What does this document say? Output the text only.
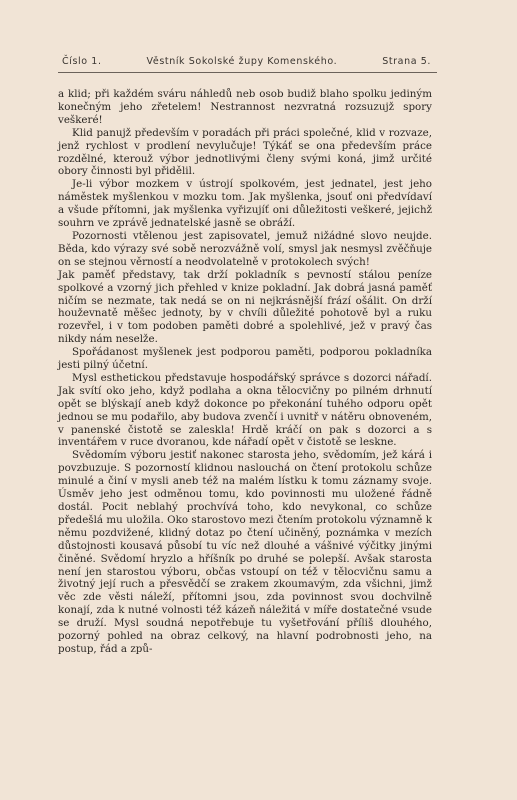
Číslo 1.	Věstník Sokolské župy Komenského.	Strana 5.

a klid; při každém sváru náhledů neb osob budiž blaho spolku jediným konečným jeho zřetelem! Nestrannost nezvratná rozsuzujž spory veškeré!

Klid panujž především v poradách při práci společné, klid v rozvaze, jenž rychlost v prodlení nevylučuje! Týkáť se ona především práce rozdělné, kterouž výbor jednotlivými členy svými koná, jimž určité obory činnosti byl přidělil.

Je-li výbor mozkem v ústrojí spolkovém, jest jednatel, jest jeho náměstek myšlenkou v mozku tom. Jak myšlenka, jsouť oni předvídaví a všude přítomni, jak myšlenka vyřizujíť oni důležitosti veškeré, jejichž souhrn ve zprávě jednatelské jasně se obráží.

Pozornosti vtělenou jest zapisovatel, jemuž nižádné slovo neujde. Běda, kdo výrazy své sobě nerozvážně volí, smysl jak nesmysl zvěčňuje on se stejnou věrností a neodvolatelně v protokolech svých!

Jak paměť představy, tak drží pokladník s pevností stálou peníze spolkové a vzorný jich přehled v knize pokladní. Jak dobrá jasná paměť ničím se nezmate, tak nedá se on ni nejkrásnější frází ošálit. On drží houževnatě měšec jednoty, by v chvíli důležité pohotově byl a ruku rozevřel, i v tom podoben paměti dobré a spolehlivé, jež v pravý čas nikdy nám neselže.

Spořádanost myšlenek jest podporou paměti, podporou pokladníka jesti pilný účetní.

Mysl esthetickou představuje hospodářský správce s dozorci nářadí. Jak svítí oko jeho, když podlaha a okna tělocvičny po pilném drhnutí opět se blýskají aneb když dokonce po překonání tuhého odporu opět jednou se mu podařilo, aby budova zvenčí i uvnitř v nátěru obnoveném, v panenské čistotě se zaleskla! Hrdě kráčí on pak s dozorci a s inventářem v ruce dvoranou, kde nářadí opět v čistotě se leskne.

Svědomím výboru jestiť nakonec starosta jeho, svědomím, jež kárá i povzbuzuje. S pozorností klidnou naslouchá on čtení protokolu schůze minulé a činí v mysli aneb též na malém lístku k tomu záznamy svoje. Úsměv jeho jest odměnou tomu, kdo povinnosti mu uložené řádně dostál. Pocit neblahý prochvívá toho, kdo nevykonal, co schůze předešlá mu uložila. Oko starostovo mezi čtením protokolu významně k němu pozdvižené, klidný dotaz po čtení učiněný, poznámka v mezích důstojnosti kousavá působí tu víc než dlouhé a vášnivé výčitky jinými činěné. Svědomí hryzlo a hříšník po druhé se polepší. Avšak starosta není jen starostou výboru, občas vstoupí on též v tělocvičnu samu a životný její ruch a přesvědčí se zrakem zkoumavým, zda všichni, jimž věc zde věsti náleží, přítomni jsou, zda povinnost svou dochvilně konají, zda k nutné volnosti též kázeň náležitá v míře dostatečné vsude se druží. Mysl soudná nepotřebuje tu vyšetřování příliš dlouhého, pozorný pohled na obraz celkový, na hlavní podrobnosti jeho, na postup, řád a způ-
